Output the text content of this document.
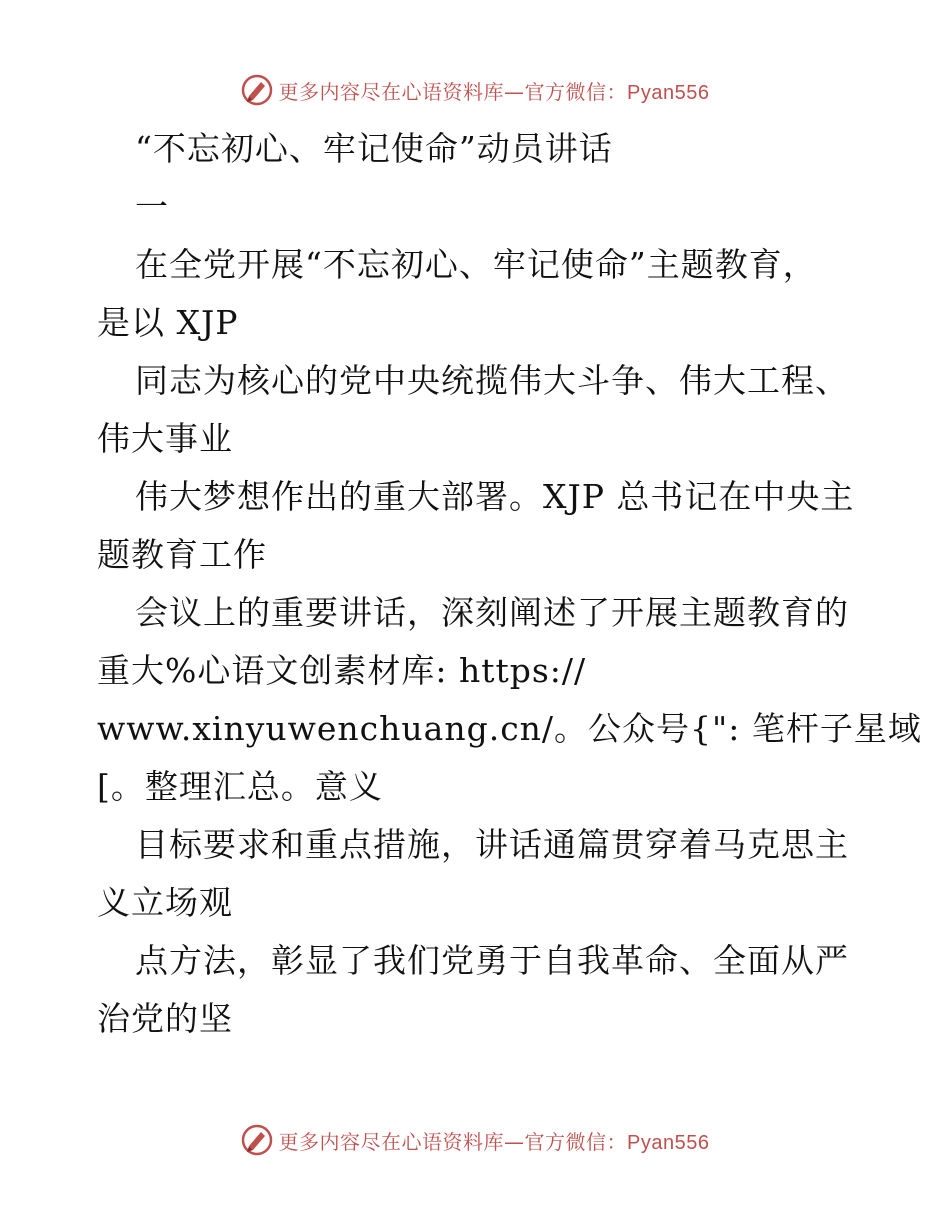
更多内容尽在心语资料库—官方微信：Pyan556
“不忘初心、牢记使命”动员讲话
一
在全党开展“不忘初心、牢记使命”主题教育，
是以 XJP
同志为核心的党中央统揽伟大斗争、伟大工程、
伟大事业
伟大梦想作出的重大部署。XJP 总书记在中央主
题教育工作
会议上的重要讲话，深刻阐述了开展主题教育的
重大%心语文创素材库: https://
www.xinyuwenchuang.cn/。公众号{": 笔杆子星域
[。整理汇总。意义
目标要求和重点措施，讲话通篇贯穿着马克思主
义立场观
点方法，彰显了我们党勇于自我革命、全面从严
治党的坚
更多内容尽在心语资料库—官方微信：Pyan556
